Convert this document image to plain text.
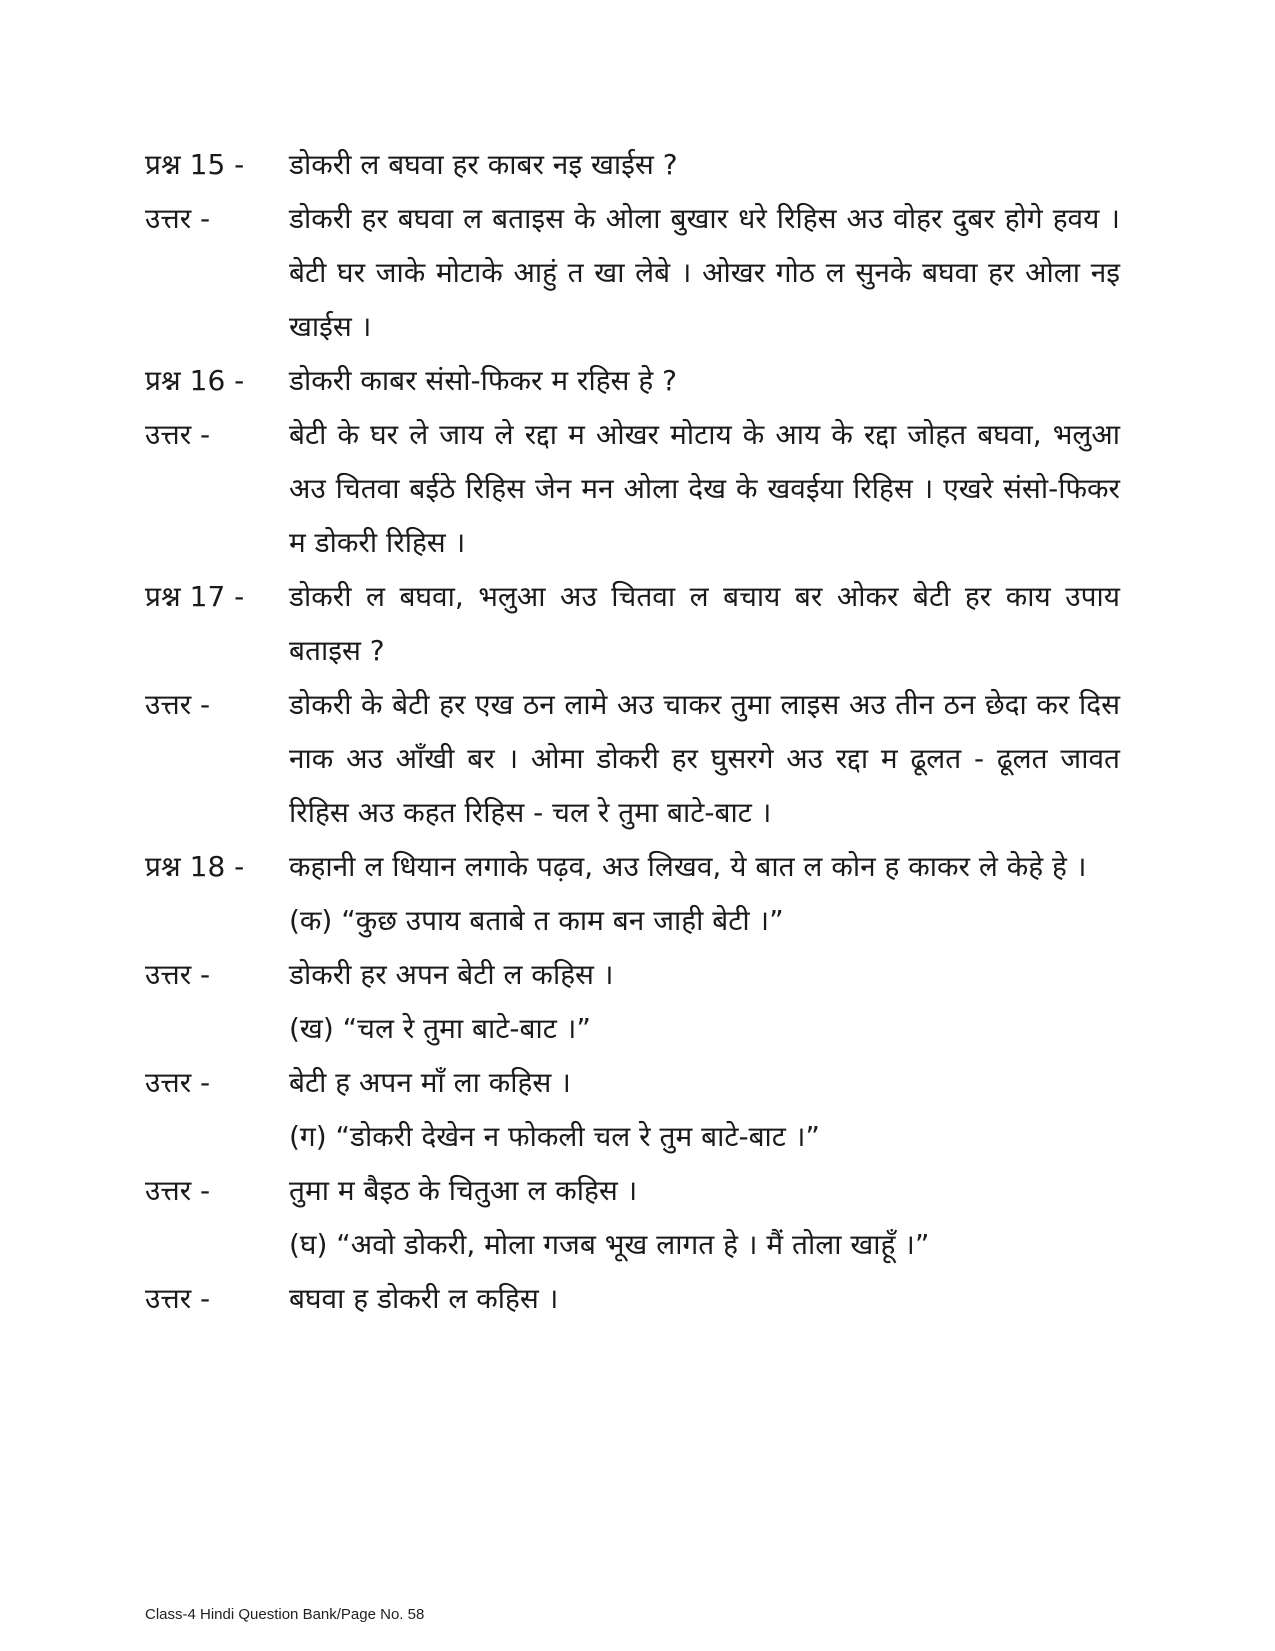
प्रश्न 15 -	डोकरी ल बघवा हर काबर नइ खाईस ?
उत्तर -	डोकरी हर बघवा ल बताइस के ओला बुखार धरे रिहिस अउ वोहर दुबर होगे हवय । बेटी घर जाके मोटाके आहुं त खा लेबे । ओखर गोठ ल सुनके बघवा हर ओला नइ खाईस ।
प्रश्न 16 -	डोकरी काबर संसो-फिकर म रहिस हे ?
उत्तर -	बेटी के घर ले जाय ले रद्दा म ओखर मोटाय के आय के रद्दा जोहत बघवा, भलुआ अउ चितवा बईठे रिहिस जेन मन ओला देख के खवईया रिहिस । एखरे संसो-फिकर म डोकरी रिहिस ।
प्रश्न 17 -	डोकरी ल बघवा, भलुआ अउ चितवा ल बचाय बर ओकर बेटी हर काय उपाय बताइस ?
उत्तर -	डोकरी के बेटी हर एख ठन लामे अउ चाकर तुमा लाइस अउ तीन ठन छेदा कर दिस नाक अउ आँखी बर । ओमा डोकरी हर घुसरगे अउ रद्दा म ढूलत - ढूलत जावत रिहिस अउ कहत रिहिस - चल रे तुमा बाटे-बाट ।
प्रश्न 18 -	कहानी ल धियान लगाके पढ़व, अउ लिखव, ये बात ल कोन ह काकर ले केहे हे ।
(क) “कुछ उपाय बताबे त काम बन जाही बेटी ।”
उत्तर -	डोकरी हर अपन बेटी ल कहिस ।
(ख) “चल रे तुमा बाटे-बाट ।”
उत्तर -	बेटी ह अपन माँ ला कहिस ।
(ग) “डोकरी देखेन न फोकली चल रे तुम बाटे-बाट ।”
उत्तर -	तुमा म बैइठ के चितुआ ल कहिस ।
(घ) “अवो डोकरी, मोला गजब भूख लागत हे । मैं तोला खाहूँ ।”
उत्तर -	बघवा ह डोकरी ल कहिस ।
Class-4 Hindi Question Bank/Page No. 58
